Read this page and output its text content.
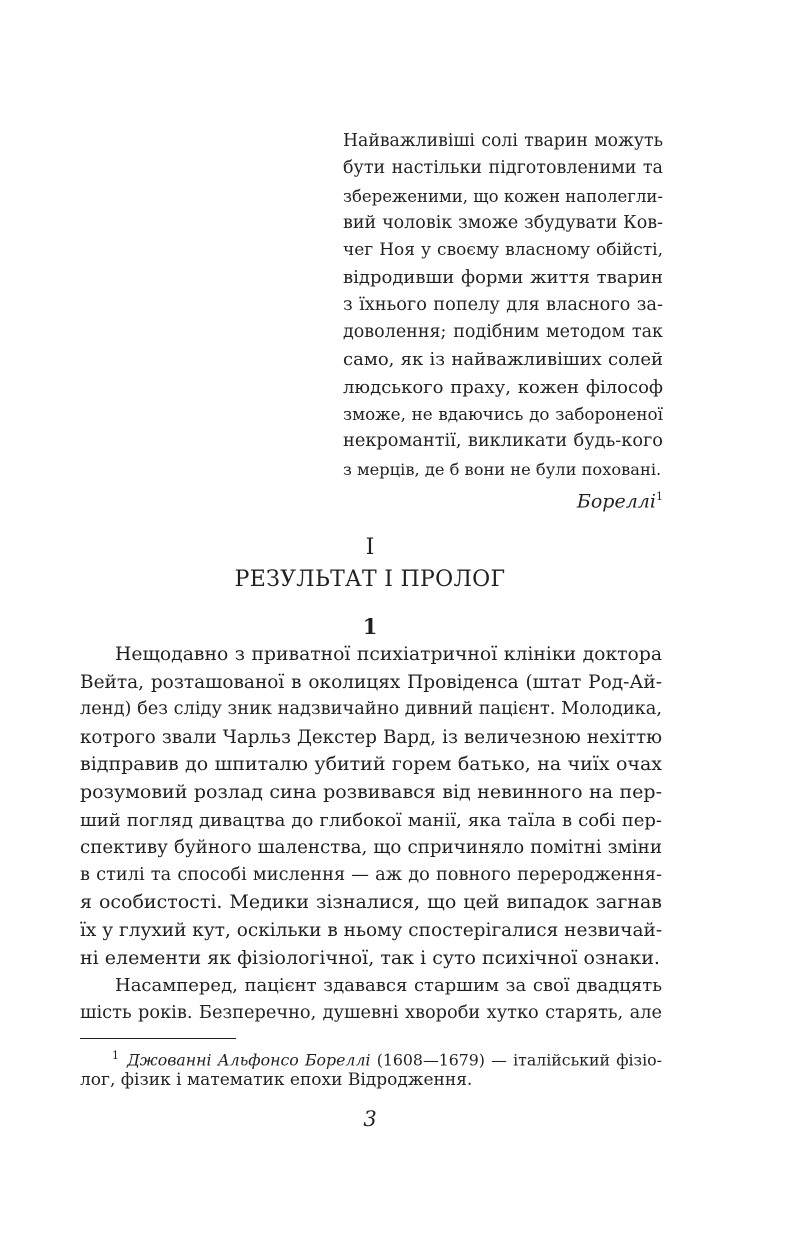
Найважливіші солі тварин можуть
бути настільки підготовленими та
збереженими, що кожен наполегли-
вий чоловік зможе збудувати Ков-
чег Ноя у своєму власному обійсті,
відродивши форми життя тварин
з їхнього попелу для власного за-
доволення; подібним методом так
само, як із найважливіших солей
людського праху, кожен філософ
зможе, не вдаючись до забороненої
некромантії, викликати будь-кого
з мерців, де б вони не були поховані.
Бореллі$^1$
I
РЕЗУЛЬТАТ І ПРОЛОГ
1
Нещодавно з приватної психіатричної клініки доктора
Вейта, розташованої в околицях Провіденса (штат Род-Ай-
ленд) без сліду зник надзвичайно дивний пацієнт. Молодика,
котрого звали Чарльз Декстер Вард, із величезною нехіттю
відправив до шпиталю убитий горем батько, на чиїх очах
розумовий розлад сина розвивався від невинного на пер-
ший погляд дивацтва до глибокої манії, яка таїла в собі пер-
спективу буйного шаленства, що спричиняло помітні зміни
в стилі та способі мислення — аж до повного переродження-
я особистості. Медики зізналися, що цей випадок загнав
їх у глухий кут, оскільки в ньому спостерігалися незвичай-
ні елементи як фізіологічної, так і суто психічної ознаки.
Насамперед, пацієнт здавався старшим за свої двадцять
шість років. Безперечно, душевні хвороби хутко старять, але
$^1$ Джованні Альфонсо Бореллі (1608—1679) — італійський фізіо-
лог, фізик і математик епохи Відродження.
3
